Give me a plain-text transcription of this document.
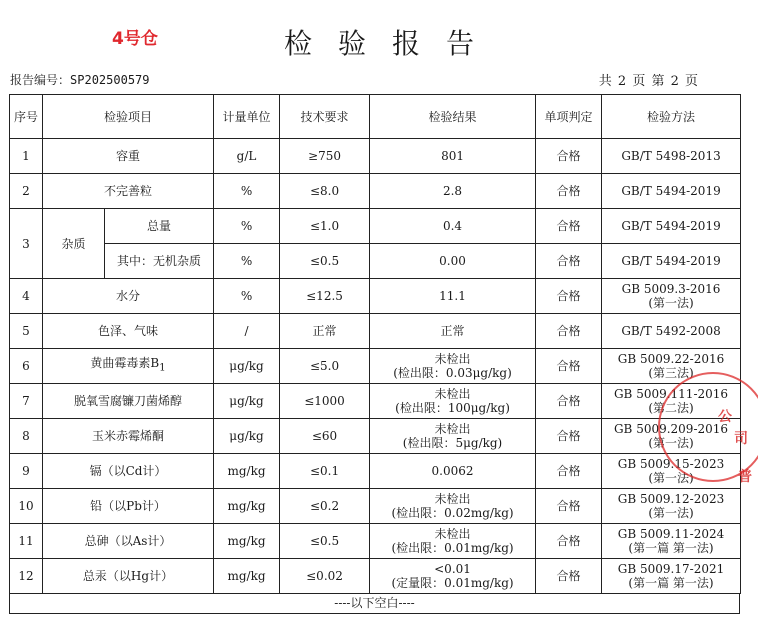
4号仓	检验报告
报告编号：SP202500579	共 2 页 第 2 页
序号	检验项目		计量单位	技术要求	检验结果	单项判定	检验方法
1	容重		g/L	≥750	801	合格	GB/T 5498-2013

2	不完善粒		%	≤8.0	2.8	合格	GB/T 5494-2019

3	杂质	总量	%	≤1.0	0.4	合格	GB/T 5494-2019

		其中：无机杂质	%	≤0.5	0.00	合格	GB/T 5494-2019

4	水分		%	≤12.5	11.1	合格	GB 5009.3-2016
(第一法)

5	色泽、气味		/	正常	正常	合格	GB/T 5492-2008

6	黄曲霉毒素$B_1$		μg/kg	≤5.0	未检出
(检出限：0.03μg/kg)	合格	GB 5009.22-2016
(第三法)

7	脱氧雪腐镰刀菌烯醇		μg/kg	≤1000	未检出
(检出限：100μg/kg)	合格	GB 5009.111-2016
(第二法)

8	玉米赤霉烯酮		μg/kg	≤60	未检出
(检出限：5μg/kg)	合格	GB 5009.209-2016
(第一法)

9	镉（以Cd计）		mg/kg	≤0.1	0.0062	合格	GB 5009.15-2023
(第一法)

10	铅（以Pb计）		mg/kg	≤0.2	未检出
(检出限：0.02mg/kg)	合格	GB 5009.12-2023
(第一法)

11	总砷（以As计）		mg/kg	≤0.5	未检出
(检出限：0.01mg/kg)	合格	GB 5009.11-2024
(第一篇 第一法)

12	总汞（以Hg计）		mg/kg	≤0.02	<0.01
(定量限：0.01mg/kg)	合格	GB 5009.17-2021
(第一篇 第一法)
----以下空白----
公
司
普
